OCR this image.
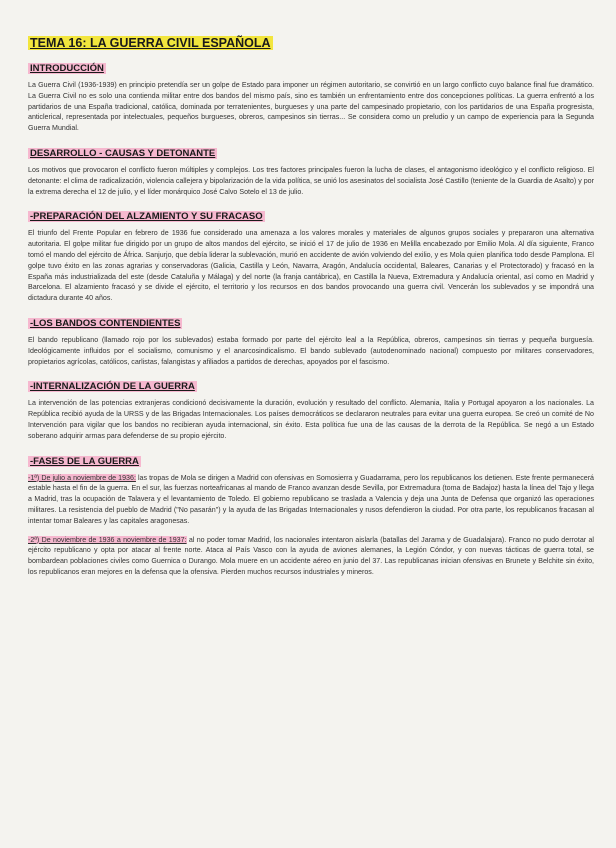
TEMA 16: LA GUERRA CIVIL ESPAÑOLA
INTRODUCCIÓN

La Guerra Civil (1936-1939) en principio pretendía ser un golpe de Estado para imponer un régimen autoritario, se convirtió en un largo conflicto cuyo balance final fue dramático. La Guerra Civil no es solo una contienda militar entre dos bandos del mismo país, sino es también un enfrentamiento entre dos concepciones políticas. La guerra enfrentó a los partidarios de una España tradicional, católica, dominada por terratenientes, burgueses y una parte del campesinado propietario, con los partidarios de una España progresista, anticlerical, representada por intelectuales, pequeños burgueses, obreros, campesinos sin tierras... Se considera como un preludio y un campo de experiencia para la Segunda Guerra Mundial.

DESARROLLO - CAUSAS Y DETONANTE

Los motivos que provocaron el conflicto fueron múltiples y complejos. Los tres factores principales fueron la lucha de clases, el antagonismo ideológico y el conflicto religioso. El detonante: el clima de radicalización, violencia callejera y bipolarización de la vida política, se unió los asesinatos del socialista José Castillo (teniente de la Guardia de Asalto) y por la extrema derecha el 12 de julio, y el líder monárquico José Calvo Sotelo el 13 de julio.

-PREPARACIÓN DEL ALZAMIENTO Y SU FRACASO

El triunfo del Frente Popular en febrero de 1936 fue considerado una amenaza a los valores morales y materiales de algunos grupos sociales y prepararon una alternativa autoritaria. El golpe militar fue dirigido por un grupo de altos mandos del ejército, se inició el 17 de julio de 1936 en Melilla encabezado por Emilio Mola. Al día siguiente, Franco tomó el mando del ejército de África. Sanjurjo, que debía liderar la sublevación, murió en accidente de avión volviendo del exilio, y es Mola quien planifica todo desde Pamplona. El golpe tuvo éxito en las zonas agrarias y conservadoras (Galicia, Castilla y León, Navarra, Aragón, Andalucía occidental, Baleares, Canarias y el Protectorado) y fracasó en la España más industrializada del este (desde Cataluña y Málaga) y del norte (la franja cantábrica), en Castilla la Nueva, Extremadura y Andalucía oriental, así como en Madrid y Barcelona. El alzamiento fracasó y se divide el ejército, el territorio y los recursos en dos bandos provocando una guerra civil. Vencerán los sublevados y se impondrá una dictadura durante 40 años.

-LOS BANDOS CONTENDIENTES

El bando republicano (llamado rojo por los sublevados) estaba formado por parte del ejército leal a la República, obreros, campesinos sin tierras y pequeña burguesía. Ideológicamente influidos por el socialismo, comunismo y el anarcosindicalismo. El bando sublevado (autodenominado nacional) compuesto por militares conservadores, propietarios agrícolas, católicos, carlistas, falangistas y afiliados a partidos de derechas, apoyados por el fascismo.

-INTERNALIZACIÓN DE LA GUERRA

La intervención de las potencias extranjeras condicionó decisivamente la duración, evolución y resultado del conflicto. Alemania, Italia y Portugal apoyaron a los nacionales. La República recibió ayuda de la URSS y de las Brigadas Internacionales. Los países democráticos se declararon neutrales para evitar una guerra europea. Se creó un comité de No Intervención para vigilar que los bandos no recibieran ayuda internacional, sin éxito. Esta política fue una de las causas de la derrota de la República. Se negó a un Estado soberano adquirir armas para defenderse de su propio ejército.

-FASES DE LA GUERRA

-1ª) De julio a noviembre de 1936: las tropas de Mola se dirigen a Madrid con ofensivas en Somosierra y Guadarrama, pero los republicanos los detienen. Este frente permanecerá estable hasta el fin de la guerra. En el sur, las fuerzas norteafricanas al mando de Franco avanzan desde Sevilla, por Extremadura (toma de Badajoz) hasta la línea del Tajo y llega a Madrid, tras la ocupación de Talavera y el levantamiento de Toledo. El gobierno republicano se traslada a Valencia y deja una Junta de Defensa que organizó las operaciones militares. La resistencia del pueblo de Madrid ("No pasarán") y la ayuda de las Brigadas Internacionales y rusos defendieron la ciudad. Por otra parte, los republicanos fracasan al intentar tomar Baleares y las capitales aragonesas.

-2ª) De noviembre de 1936 a noviembre de 1937: al no poder tomar Madrid, los nacionales intentaron aislarla (batallas del Jarama y de Guadalajara). Franco no pudo derrotar al ejército republicano y opta por atacar al frente norte. Ataca al País Vasco con la ayuda de aviones alemanes, la Legión Cóndor, y con nuevas tácticas de guerra total, se bombardean poblaciones civiles como Guernica o Durango. Mola muere en un accidente aéreo en junio del 37. Las republicanas inician ofensivas en Brunete y Belchite sin éxito, los republicanos eran mejores en la defensa que la ofensiva. Pierden muchos recursos industriales y mineros.
